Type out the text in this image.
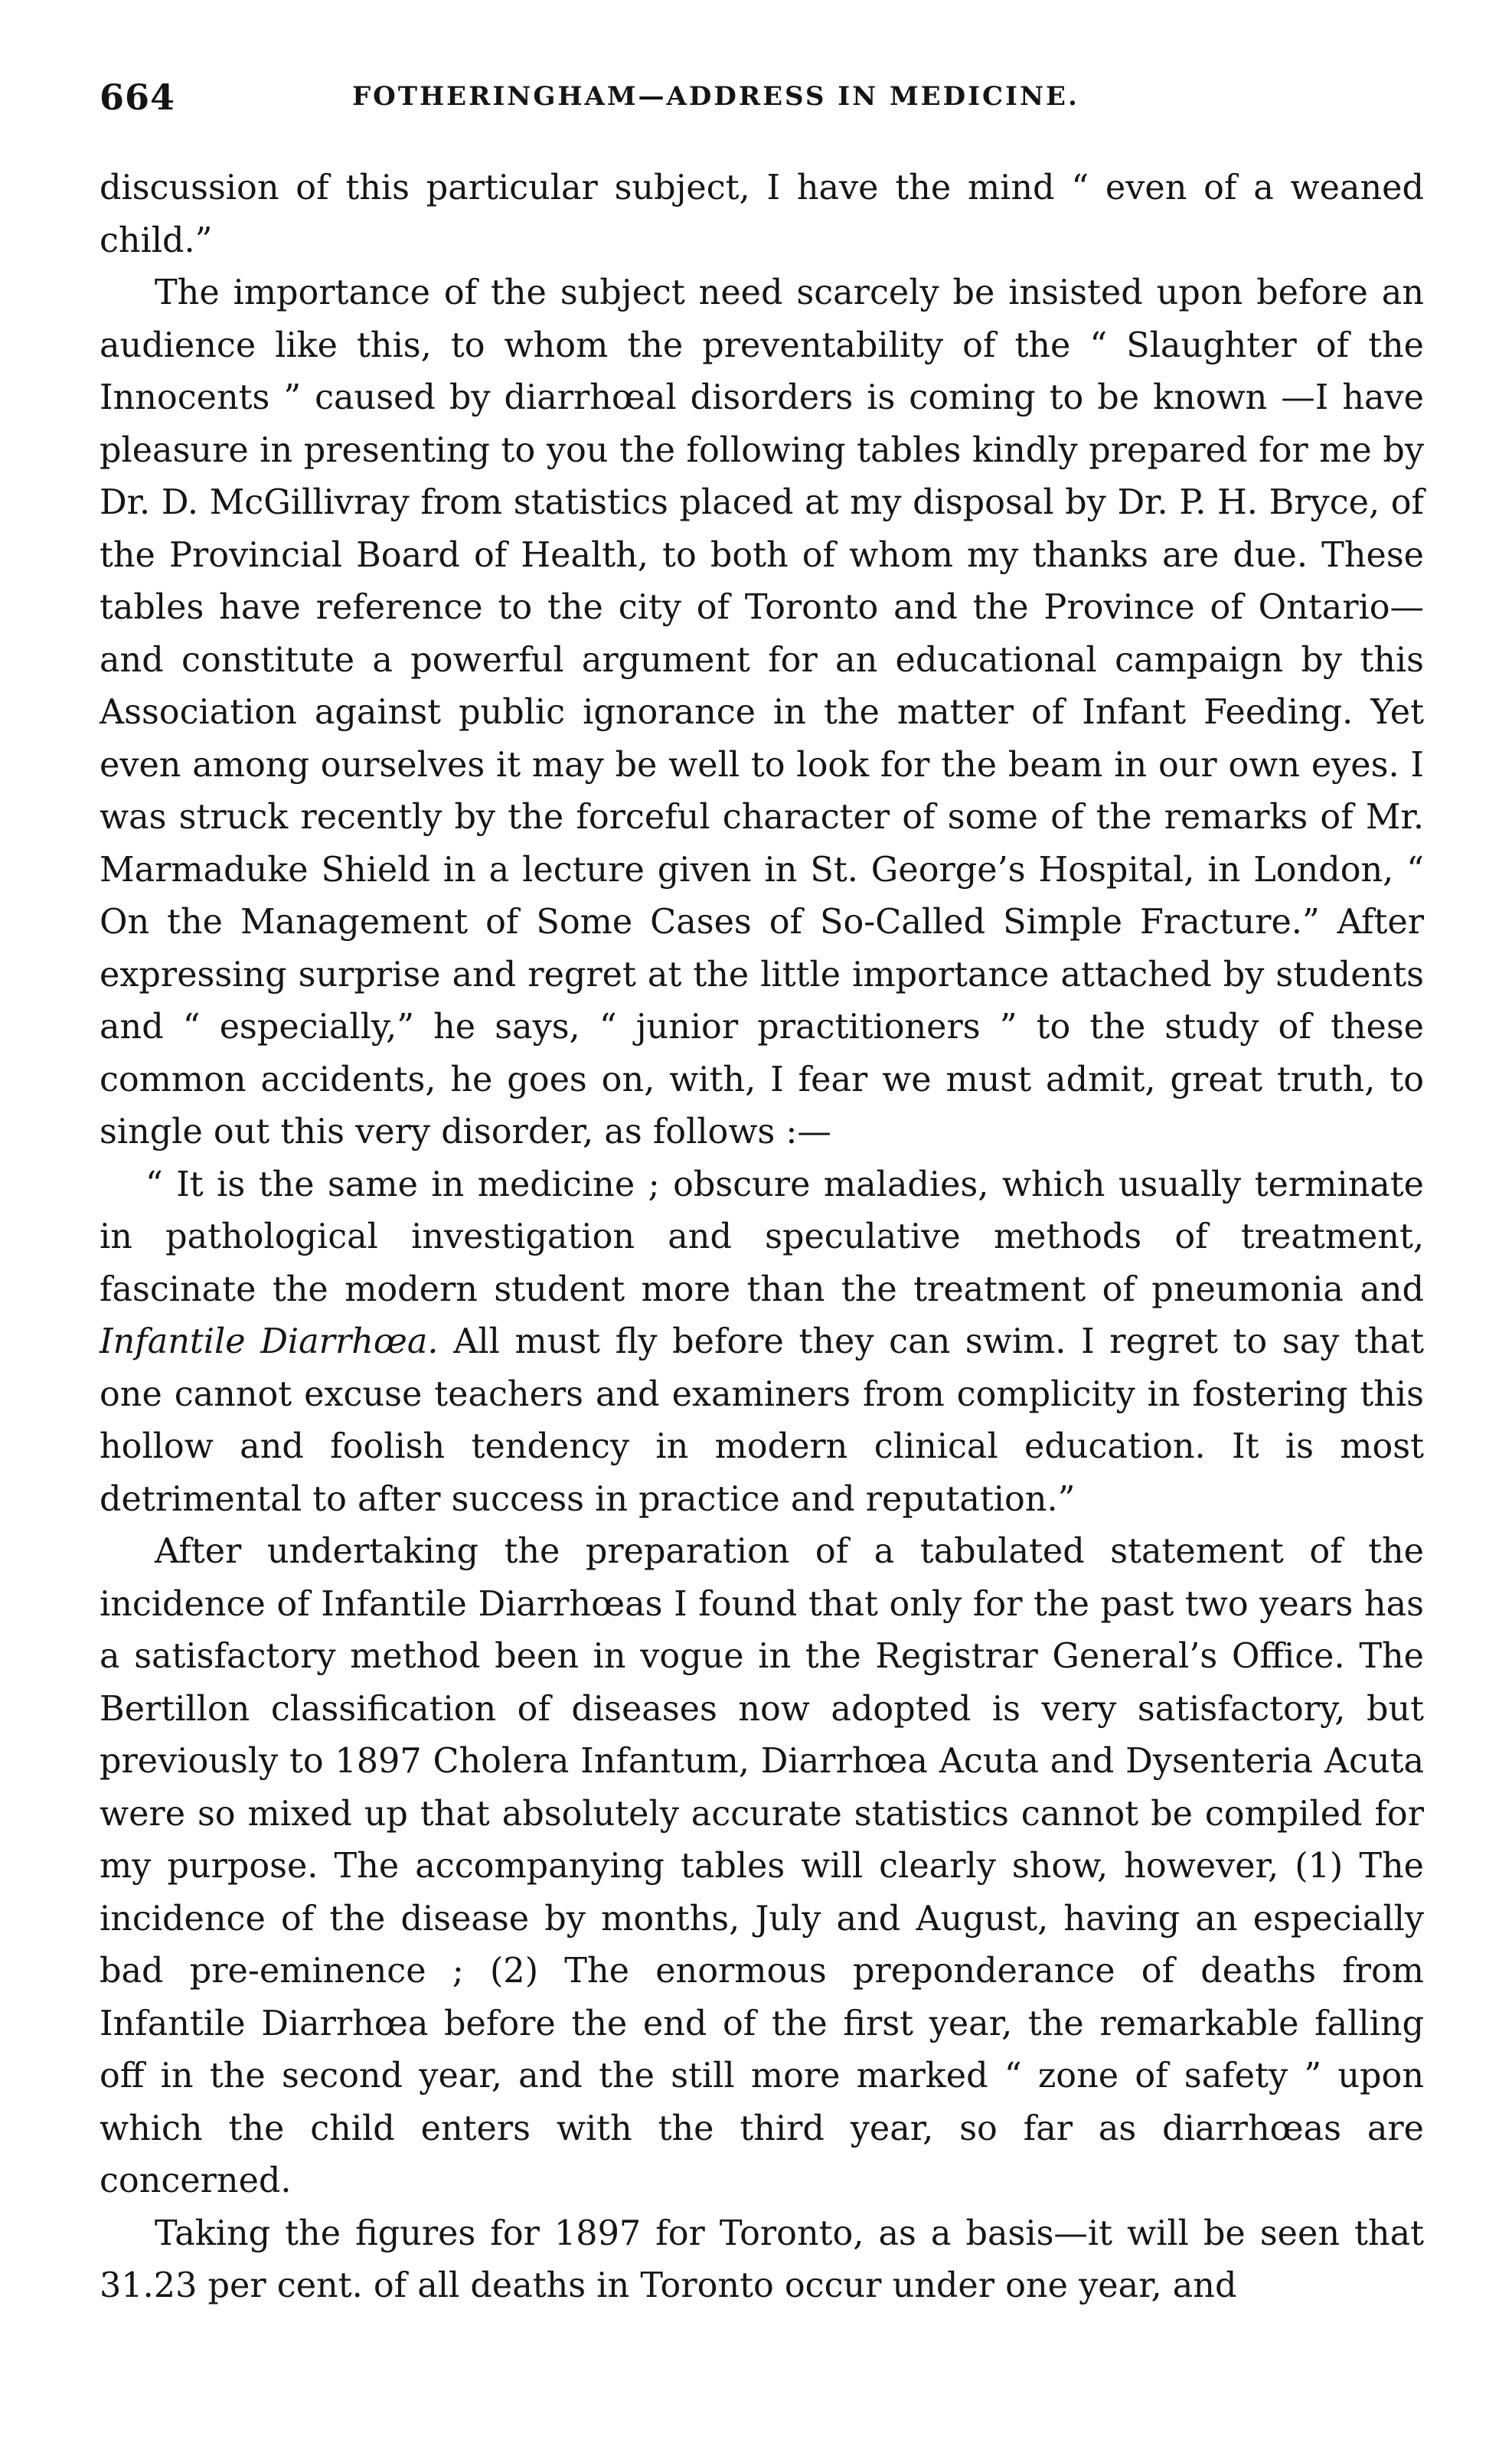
664	FOTHERINGHAM—ADDRESS IN MEDICINE.

discussion of this particular subject, I have the mind “ even of a weaned child.”

The importance of the subject need scarcely be insisted upon before an audience like this, to whom the preventability of the “ Slaughter of the Innocents ” caused by diarrhœal disorders is coming to be known —I have pleasure in presenting to you the following tables kindly prepared for me by Dr. D. McGillivray from statistics placed at my disposal by Dr. P. H. Bryce, of the Provincial Board of Health, to both of whom my thanks are due. These tables have reference to the city of Toronto and the Province of Ontario—and constitute a powerful argument for an educational campaign by this Association against public ignorance in the matter of Infant Feeding. Yet even among ourselves it may be well to look for the beam in our own eyes. I was struck recently by the forceful character of some of the remarks of Mr. Marmaduke Shield in a lecture given in St. George’s Hospital, in London, “ On the Management of Some Cases of So-Called Simple Fracture.” After expressing surprise and regret at the little importance attached by students and “ especially,” he says, “ junior practitioners ” to the study of these common accidents, he goes on, with, I fear we must admit, great truth, to single out this very disorder, as follows :—

“ It is the same in medicine ; obscure maladies, which usually terminate in pathological investigation and speculative methods of treatment, fascinate the modern student more than the treatment of pneumonia and Infantile Diarrhœa. All must fly before they can swim. I regret to say that one cannot excuse teachers and examiners from complicity in fostering this hollow and foolish tendency in modern clinical education. It is most detrimental to after success in practice and reputation.”

After undertaking the preparation of a tabulated statement of the incidence of Infantile Diarrhœas I found that only for the past two years has a satisfactory method been in vogue in the Registrar General’s Office. The Bertillon classification of diseases now adopted is very satisfactory, but previously to 1897 Cholera Infantum, Diarrhœa Acuta and Dysenteria Acuta were so mixed up that absolutely accurate statistics cannot be compiled for my purpose. The accompanying tables will clearly show, however, (1) The incidence of the disease by months, July and August, having an especially bad pre-eminence ; (2) The enormous preponderance of deaths from Infantile Diarrhœa before the end of the first year, the remarkable falling off in the second year, and the still more marked “ zone of safety ” upon which the child enters with the third year, so far as diarrhœas are concerned.

Taking the figures for 1897 for Toronto, as a basis—it will be seen that 31.23 per cent. of all deaths in Toronto occur under one year, and
